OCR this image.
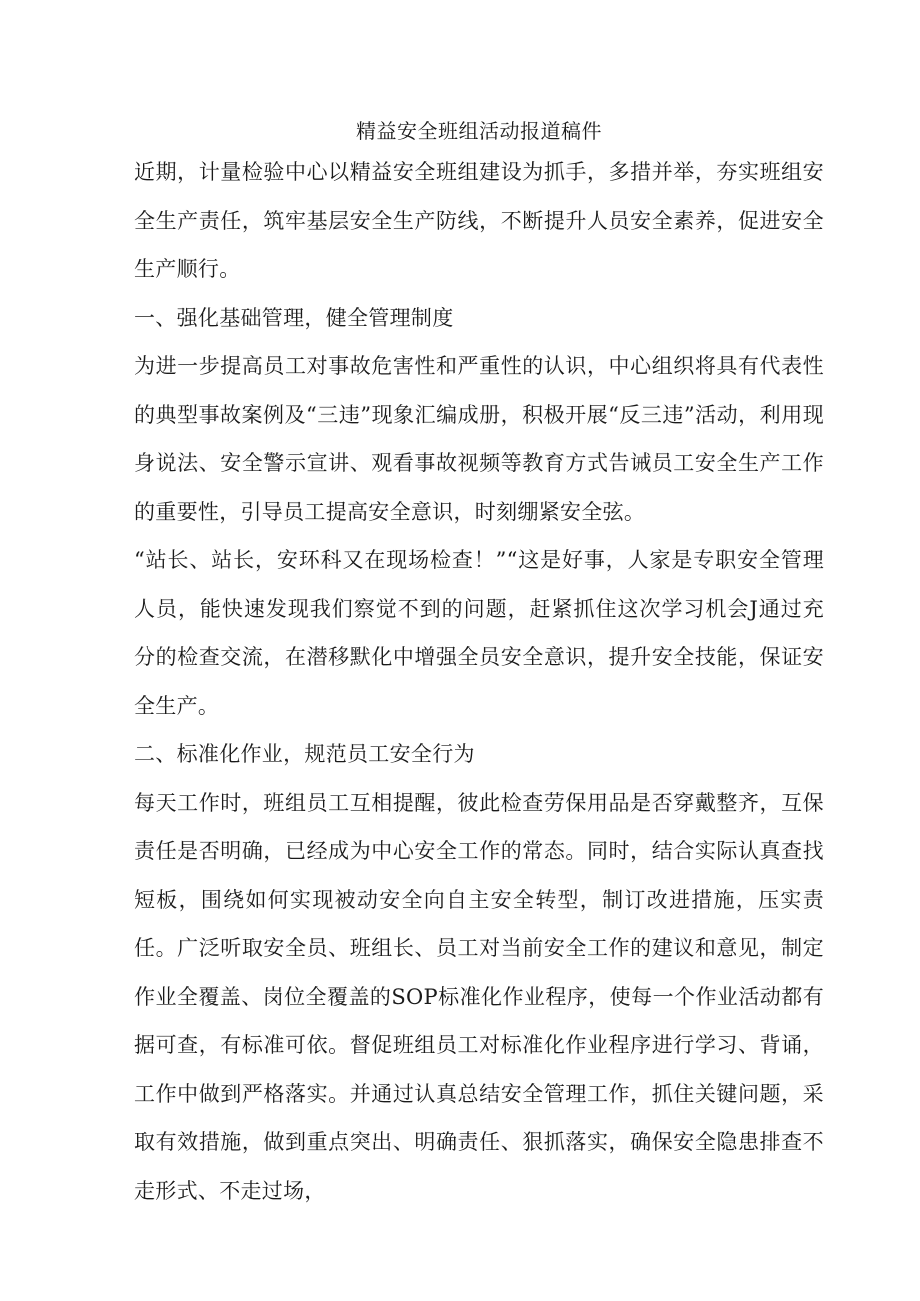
精益安全班组活动报道稿件

近期，计量检验中心以精益安全班组建设为抓手，多措并举，夯实班组安全生产责任，筑牢基层安全生产防线，不断提升人员安全素养，促进安全生产顺行。

一、强化基础管理，健全管理制度

为进一步提高员工对事故危害性和严重性的认识，中心组织将具有代表性的典型事故案例及“三违”现象汇编成册，积极开展“反三违”活动，利用现身说法、安全警示宣讲、观看事故视频等教育方式告诫员工安全生产工作的重要性，引导员工提高安全意识，时刻绷紧安全弦。

“站长、站长，安环科又在现场检查！”“这是好事，人家是专职安全管理人员，能快速发现我们察觉不到的问题，赶紧抓住这次学习机会J通过充分的检查交流，在潜移默化中增强全员安全意识，提升安全技能，保证安全生产。

二、标准化作业，规范员工安全行为

每天工作时，班组员工互相提醒，彼此检查劳保用品是否穿戴整齐，互保责任是否明确，已经成为中心安全工作的常态。同时，结合实际认真查找短板，围绕如何实现被动安全向自主安全转型，制订改进措施，压实责任。广泛听取安全员、班组长、员工对当前安全工作的建议和意见，制定作业全覆盖、岗位全覆盖的SOP标准化作业程序，使每一个作业活动都有据可查，有标准可依。督促班组员工对标准化作业程序进行学习、背诵，工作中做到严格落实。并通过认真总结安全管理工作，抓住关键问题，采取有效措施，做到重点突出、明确责任、狠抓落实，确保安全隐患排查不走形式、不走过场，
